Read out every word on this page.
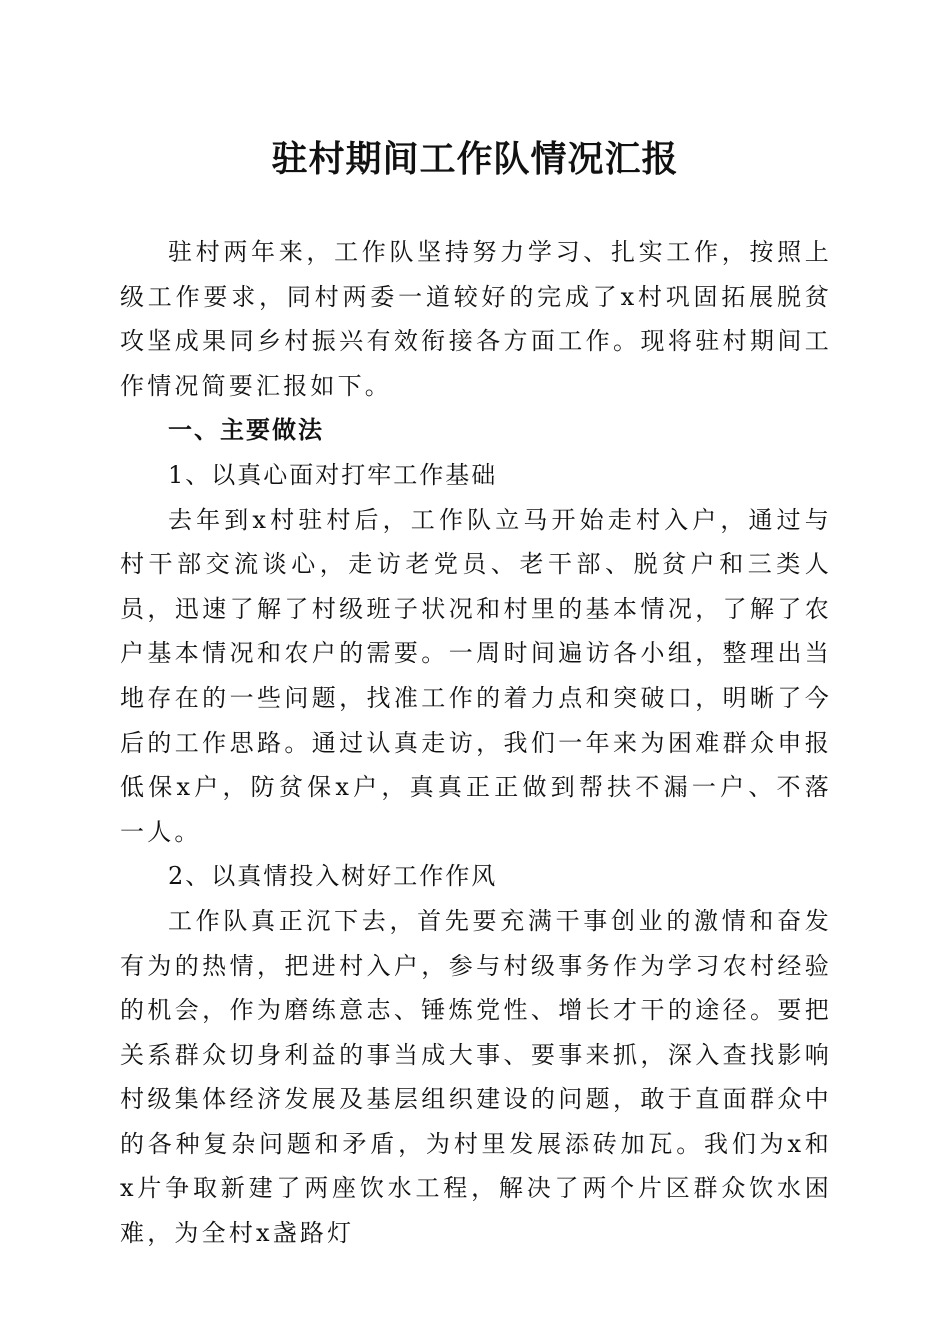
驻村期间工作队情况汇报

驻村两年来，工作队坚持努力学习、扎实工作，按照上级工作要求，同村两委一道较好的完成了x村巩固拓展脱贫攻坚成果同乡村振兴有效衔接各方面工作。现将驻村期间工作情况简要汇报如下。

一、主要做法

1、以真心面对打牢工作基础

去年到x村驻村后，工作队立马开始走村入户，通过与村干部交流谈心，走访老党员、老干部、脱贫户和三类人员，迅速了解了村级班子状况和村里的基本情况，了解了农户基本情况和农户的需要。一周时间遍访各小组，整理出当地存在的一些问题，找准工作的着力点和突破口，明晰了今后的工作思路。通过认真走访，我们一年来为困难群众申报低保x户，防贫保x户，真真正正做到帮扶不漏一户、不落一人。

2、以真情投入树好工作作风

工作队真正沉下去，首先要充满干事创业的激情和奋发有为的热情，把进村入户，参与村级事务作为学习农村经验的机会，作为磨练意志、锤炼党性、增长才干的途径。要把关系群众切身利益的事当成大事、要事来抓，深入查找影响村级集体经济发展及基层组织建设的问题，敢于直面群众中的各种复杂问题和矛盾，为村里发展添砖加瓦。我们为x和x片争取新建了两座饮水工程，解决了两个片区群众饮水困难，为全村x盏路灯
